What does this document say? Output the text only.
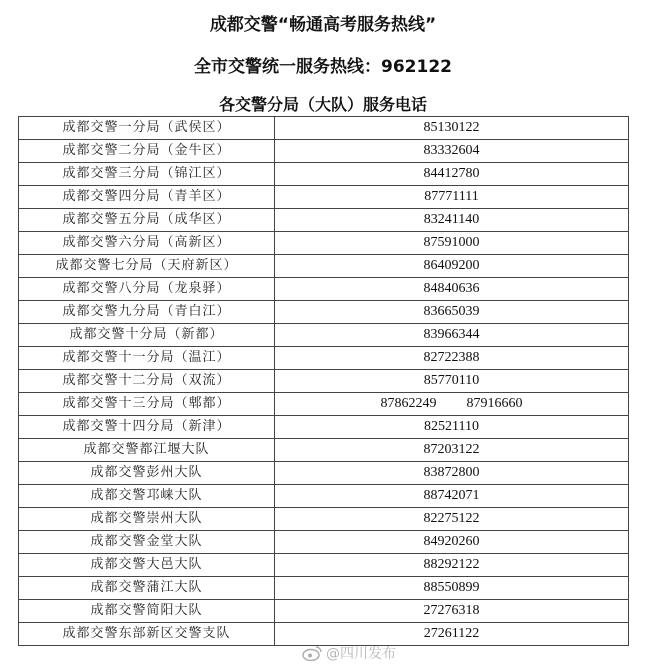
成都交警“畅通高考服务热线”
全市交警统一服务热线：962122
各交警分局（大队）服务电话
成都交警一分局（武侯区）	85130122
成都交警二分局（金牛区）	83332604
成都交警三分局（锦江区）	84412780
成都交警四分局（青羊区）	87771111
成都交警五分局（成华区）	83241140
成都交警六分局（高新区）	87591000
成都交警七分局（天府新区）	86409200
成都交警八分局（龙泉驿）	84840636
成都交警九分局（青白江）	83665039
成都交警十分局（新都）	83966344
成都交警十一分局（温江）	82722388
成都交警十二分局（双流）	85770110
成都交警十三分局（郫都）	87862249 87916660
成都交警十四分局（新津）	82521110
成都交警都江堰大队	87203122
成都交警彭州大队	83872800
成都交警邛崃大队	88742071
成都交警崇州大队	82275122
成都交警金堂大队	84920260
成都交警大邑大队	88292122
成都交警蒲江大队	88550899
成都交警简阳大队	27276318
成都交警东部新区交警支队	27261122
@四川发布
